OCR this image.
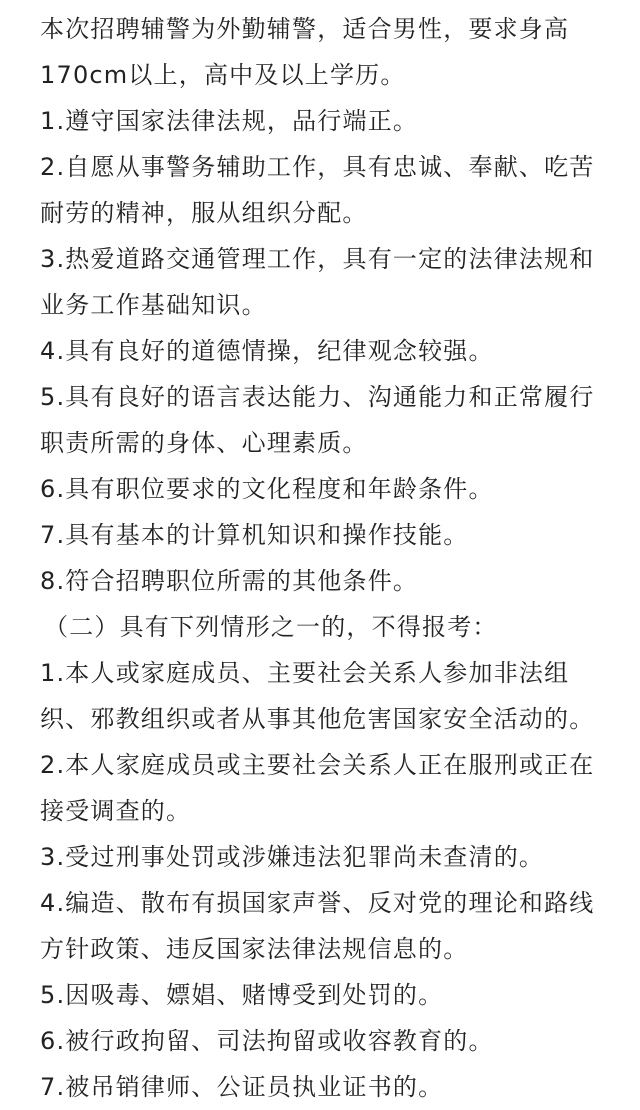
本次招聘辅警为外勤辅警，适合男性，要求身高
170cm以上，高中及以上学历。

1.遵守国家法律法规，品行端正。

2.自愿从事警务辅助工作，具有忠诚、奉献、吃苦
耐劳的精神，服从组织分配。

3.热爱道路交通管理工作，具有一定的法律法规和
业务工作基础知识。

4.具有良好的道德情操，纪律观念较强。

5.具有良好的语言表达能力、沟通能力和正常履行
职责所需的身体、心理素质。

6.具有职位要求的文化程度和年龄条件。

7.具有基本的计算机知识和操作技能。

8.符合招聘职位所需的其他条件。

（二）具有下列情形之一的，不得报考：

1.本人或家庭成员、主要社会关系人参加非法组
织、邪教组织或者从事其他危害国家安全活动的。

2.本人家庭成员或主要社会关系人正在服刑或正在
接受调查的。

3.受过刑事处罚或涉嫌违法犯罪尚未查清的。

4.编造、散布有损国家声誉、反对党的理论和路线
方针政策、违反国家法律法规信息的。

5.因吸毒、嫖娼、赌博受到处罚的。

6.被行政拘留、司法拘留或收容教育的。

7.被吊销律师、公证员执业证书的。
